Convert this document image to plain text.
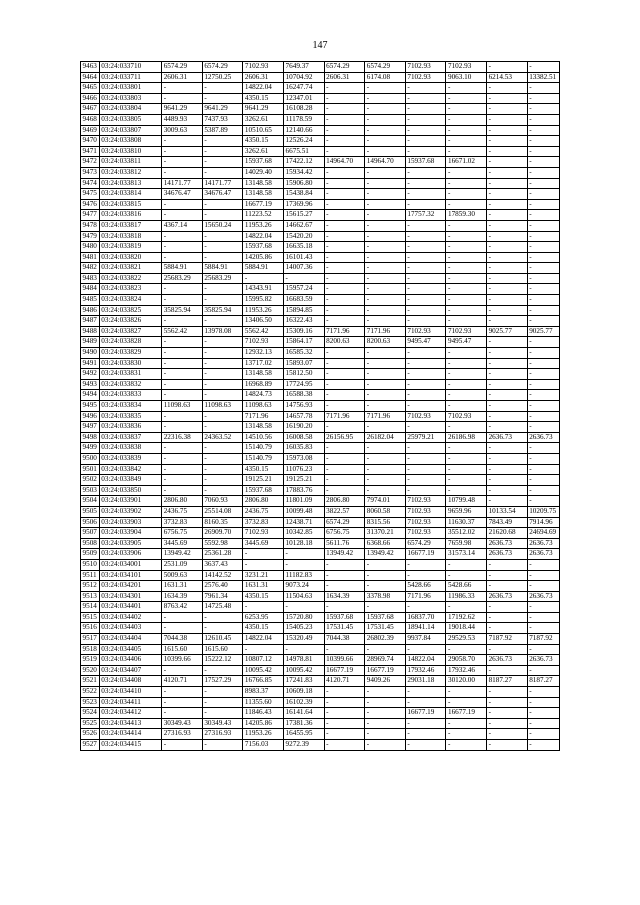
147
9463	03:24:033710	6574.29	6574.29	7102.93	7649.37	6574.29	6574.29	7102.93	7102.93	-	-
9464	03:24:033711	2606.31	12750.25	2606.31	10704.92	2606.31	6174.08	7102.93	9063.10	6214.53	13382.51
9465	03:24:033801	-	-	14822.04	16247.74	-	-	-	-	-	-
9466	03:24:033803	-	-	4350.15	12347.01	-	-	-	-	-	-
9467	03:24:033804	9641.29	9641.29	9641.29	16108.28	-	-	-	-	-	-
9468	03:24:033805	4489.93	7437.93	3262.61	11178.59	-	-	-	-	-	-
9469	03:24:033807	3009.63	5387.89	10510.65	12140.66	-	-	-	-	-	-
9470	03:24:033808	-	-	4350.15	12526.24	-	-	-	-	-	-
9471	03:24:033810	-	-	3262.61	6675.51	-	-	-	-	-	-
9472	03:24:033811	-	-	15937.68	17422.12	14964.70	14964.70	15937.68	16671.02	-	-
9473	03:24:033812	-	-	14029.40	15934.42	-	-	-	-	-	-
9474	03:24:033813	14171.77	14171.77	13148.58	15906.80	-	-	-	-	-	-
9475	03:24:033814	34676.47	34676.47	13148.58	15438.84	-	-	-	-	-	-
9476	03:24:033815	-	-	16677.19	17369.96	-	-	-	-	-	-
9477	03:24:033816	-	-	11223.52	15615.27	-	-	17757.32	17859.30	-	-
9478	03:24:033817	4367.14	15650.24	11953.26	14662.67	-	-	-	-	-	-
9479	03:24:033818	-	-	14822.04	15420.20	-	-	-	-	-	-
9480	03:24:033819	-	-	15937.68	16635.18	-	-	-	-	-	-
9481	03:24:033820	-	-	14205.86	16101.43	-	-	-	-	-	-
9482	03:24:033821	5884.91	5884.91	5884.91	14007.36	-	-	-	-	-	-
9483	03:24:033822	25683.29	25683.29	-	-	-	-	-	-	-	-
9484	03:24:033823	-	-	14343.91	15957.24	-	-	-	-	-	-
9485	03:24:033824	-	-	15995.82	16683.59	-	-	-	-	-	-
9486	03:24:033825	35825.94	35825.94	11953.26	15894.85	-	-	-	-	-	-
9487	03:24:033826	-	-	13406.50	16322.43	-	-	-	-	-	-
9488	03:24:033827	5562.42	13978.08	5562.42	15309.16	7171.96	7171.96	7102.93	7102.93	9025.77	9025.77
9489	03:24:033828	-	-	7102.93	15864.17	8200.63	8200.63	9495.47	9495.47	-	-
9490	03:24:033829	-	-	12932.13	16585.32	-	-	-	-	-	-
9491	03:24:033830	-	-	13717.02	15893.07	-	-	-	-	-	-
9492	03:24:033831	-	-	13148.58	15812.50	-	-	-	-	-	-
9493	03:24:033832	-	-	16968.89	17724.95	-	-	-	-	-	-
9494	03:24:033833	-	-	14824.73	16588.38	-	-	-	-	-	-
9495	03:24:033834	11098.63	11098.63	11098.63	14756.93	-	-	-	-	-	-
9496	03:24:033835	-	-	7171.96	14657.78	7171.96	7171.96	7102.93	7102.93	-	-
9497	03:24:033836	-	-	13148.58	16190.20	-	-	-	-	-	-
9498	03:24:033837	22316.38	24363.52	14510.56	16008.58	26156.95	26182.04	25979.21	26186.98	2636.73	2636.73
9499	03:24:033838	-	-	15140.79	16035.83	-	-	-	-	-	-
9500	03:24:033839	-	-	15140.79	15973.08	-	-	-	-	-	-
9501	03:24:033842	-	-	4350.15	11076.23	-	-	-	-	-	-
9502	03:24:033849	-	-	19125.21	19125.21	-	-	-	-	-	-
9503	03:24:033850	-	-	15937.68	17883.76	-	-	-	-	-	-
9504	03:24:033901	2806.80	7060.93	2806.80	11801.09	2806.80	7974.01	7102.93	10799.48	-	-
9505	03:24:033902	2436.75	25514.08	2436.75	10099.48	3822.57	8060.58	7102.93	9659.96	10133.54	10209.75
9506	03:24:033903	3732.83	8160.35	3732.83	12438.71	6574.29	8315.56	7102.93	11630.37	7843.49	7914.96
9507	03:24:033904	6756.75	26909.70	7102.93	10342.85	6756.75	31370.21	7102.93	35512.02	21620.68	24694.69
9508	03:24:033905	3445.69	5592.98	3445.69	10128.18	5611.76	6368.66	6574.29	7659.98	2636.73	2636.73
9509	03:24:033906	13949.42	25361.28	-	-	13949.42	13949.42	16677.19	31573.14	2636.73	2636.73
9510	03:24:034001	2531.09	3637.43	-	-	-	-	-	-	-	-
9511	03:24:034101	5009.63	14142.52	3231.21	11182.83	-	-	-	-	-	-
9512	03:24:034201	1631.31	2576.40	1631.31	9073.24	-	-	5428.66	5428.66	-	-
9513	03:24:034301	1634.39	7961.34	4350.15	11504.63	1634.39	3378.98	7171.96	11986.33	2636.73	2636.73
9514	03:24:034401	8763.42	14725.48	-	-	-	-	-	-	-	-
9515	03:24:034402	-	-	6253.95	15720.80	15937.68	15937.68	16837.70	17192.62	-	-
9516	03:24:034403	-	-	4350.15	15405.23	17531.45	17531.45	18941.14	19018.44	-	-
9517	03:24:034404	7044.38	12610.45	14822.04	15320.49	7044.38	26802.39	9937.84	29529.53	7187.92	7187.92
9518	03:24:034405	1615.60	1615.60	-	-	-	-	-	-	-	-
9519	03:24:034406	10399.66	15222.12	10807.12	14978.81	10399.66	28969.74	14822.04	29058.70	2636.73	2636.73
9520	03:24:034407	-	-	10095.42	10095.42	16677.19	16677.19	17932.46	17932.46	-	-
9521	03:24:034408	4120.71	17527.29	16766.85	17241.83	4120.71	9409.26	29031.18	30120.00	8187.27	8187.27
9522	03:24:034410	-	-	8983.37	10609.18	-	-	-	-	-	-
9523	03:24:034411	-	-	11355.60	16102.39	-	-	-	-	-	-
9524	03:24:034412	-	-	11846.43	16141.64	-	-	16677.19	16677.19	-	-
9525	03:24:034413	30349.43	30349.43	14205.86	17381.36	-	-	-	-	-	-
9526	03:24:034414	27316.93	27316.93	11953.26	16455.95	-	-	-	-	-	-
9527	03:24:034415	-	-	7156.03	9272.39	-	-	-	-	-	-
